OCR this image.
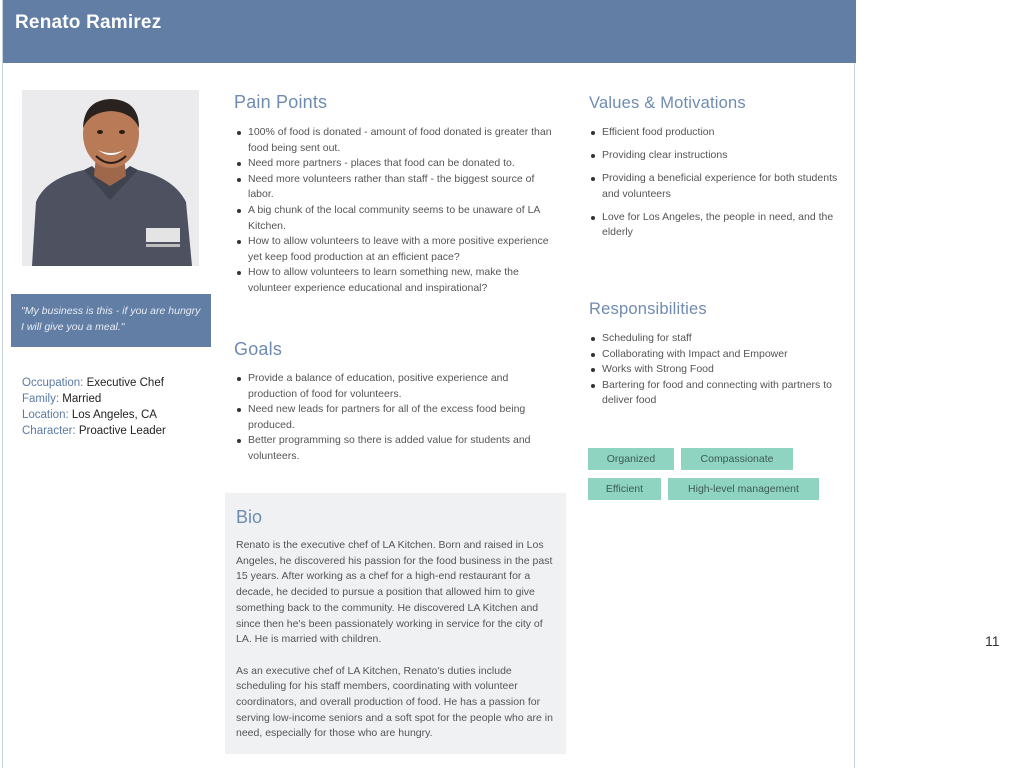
Renato Ramirez
"My business is this - if you are hungry I will give you a meal."
Occupation: Executive Chef
Family: Married
Location: Los Angeles, CA
Character: Proactive Leader
Pain Points
100% of food is donated - amount of food donated is greater than food being sent out.
Need more partners - places that food can be donated to.
Need more volunteers rather than staff - the biggest source of labor.
A big chunk of the local community seems to be unaware of LA Kitchen.
How to allow volunteers to leave with a more positive experience yet keep food production at an efficient pace?
How to allow volunteers to learn something new, make the volunteer experience educational and inspirational?
Goals
Provide a balance of education, positive experience and production of food for volunteers.
Need new leads for partners for all of the excess food being produced.
Better programming so there is added value for students and volunteers.
Bio

Renato is the executive chef of LA Kitchen. Born and raised in Los Angeles, he discovered his passion for the food business in the past 15 years. After working as a chef for a high-end restaurant for a decade, he decided to pursue a position that allowed him to give something back to the community. He discovered LA Kitchen and since then he's been passionately working in service for the city of LA. He is married with children.

As an executive chef of LA Kitchen, Renato's duties include scheduling for his staff members, coordinating with volunteer coordinators, and overall production of food. He has a passion for serving low-income seniors and a soft spot for the people who are in need, especially for those who are hungry.

Values & Motivations
Efficient food production
Providing clear instructions
Providing a beneficial experience for both students and volunteers
Love for Los Angeles, the people in need, and the elderly
Responsibilities
Scheduling for staff
Collaborating with Impact and Empower
Works with Strong Food
Bartering for food and connecting with partners to deliver food
Organized	Compassionate
Efficient	High-level management
11
